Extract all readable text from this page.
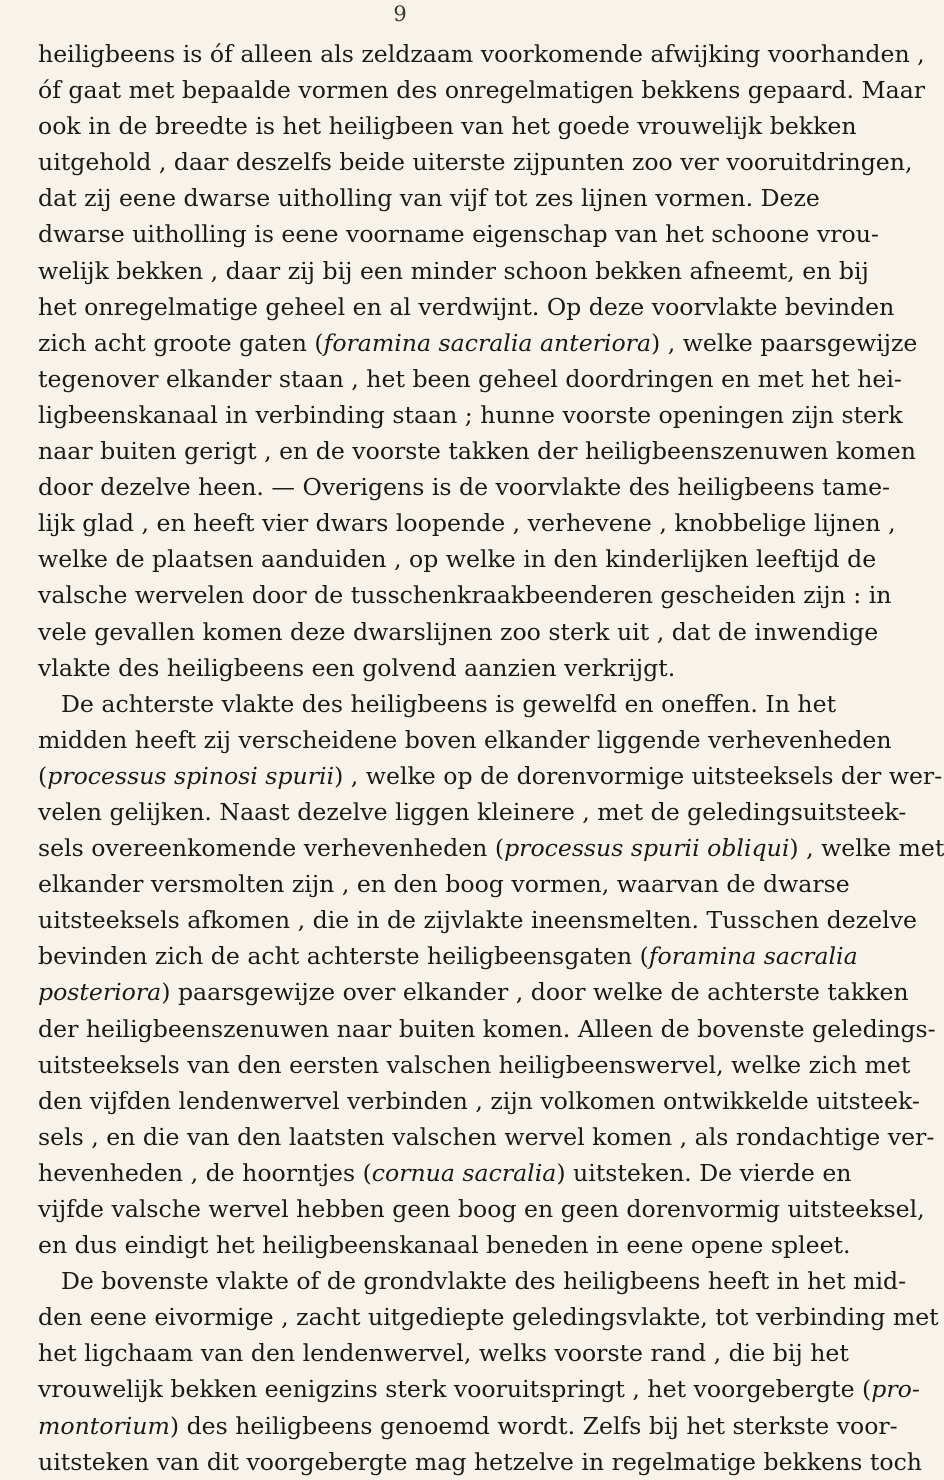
9
heiligbeens is óf alleen als zeldzaam voorkomende afwijking voorhanden ,
óf gaat met bepaalde vormen des onregelmatigen bekkens gepaard. Maar
ook in de breedte is het heiligbeen van het goede vrouwelijk bekken
uitgehold , daar deszelfs beide uiterste zijpunten zoo ver vooruitdringen,
dat zij eene dwarse uitholling van vijf tot zes lijnen vormen. Deze
dwarse uitholling is eene voorname eigenschap van het schoone vrou-
welijk bekken , daar zij bij een minder schoon bekken afneemt, en bij
het onregelmatige geheel en al verdwijnt. Op deze voorvlakte bevinden
zich acht groote gaten (foramina sacralia anteriora) , welke paarsgewijze
tegenover elkander staan , het been geheel doordringen en met het hei-
ligbeenskanaal in verbinding staan ; hunne voorste openingen zijn sterk
naar buiten gerigt , en de voorste takken der heiligbeenszenuwen komen
door dezelve heen. — Overigens is de voorvlakte des heiligbeens tame-
lijk glad , en heeft vier dwars loopende , verhevene , knobbelige lijnen ,
welke de plaatsen aanduiden , op welke in den kinderlijken leeftijd de
valsche wervelen door de tusschenkraakbeenderen gescheiden zijn : in
vele gevallen komen deze dwarslijnen zoo sterk uit , dat de inwendige
vlakte des heiligbeens een golvend aanzien verkrijgt.
De achterste vlakte des heiligbeens is gewelfd en oneffen. In het
midden heeft zij verscheidene boven elkander liggende verhevenheden
(processus spinosi spurii) , welke op de dorenvormige uitsteeksels der wer-
velen gelijken. Naast dezelve liggen kleinere , met de geledingsuitsteek-
sels overeenkomende verhevenheden (processus spurii obliqui) , welke met
elkander versmolten zijn , en den boog vormen, waarvan de dwarse
uitsteeksels afkomen , die in de zijvlakte ineensmelten. Tusschen dezelve
bevinden zich de acht achterste heiligbeensgaten (foramina sacralia
posteriora) paarsgewijze over elkander , door welke de achterste takken
der heiligbeenszenuwen naar buiten komen. Alleen de bovenste geledings-
uitsteeksels van den eersten valschen heiligbeenswervel, welke zich met
den vijfden lendenwervel verbinden , zijn volkomen ontwikkelde uitsteek-
sels , en die van den laatsten valschen wervel komen , als rondachtige ver-
hevenheden , de hoorntjes (cornua sacralia) uitsteken. De vierde en
vijfde valsche wervel hebben geen boog en geen dorenvormig uitsteeksel,
en dus eindigt het heiligbeenskanaal beneden in eene opene spleet.
De bovenste vlakte of de grondvlakte des heiligbeens heeft in het mid-
den eene eivormige , zacht uitgediepte geledingsvlakte, tot verbinding met
het ligchaam van den lendenwervel, welks voorste rand , die bij het
vrouwelijk bekken eenigzins sterk vooruitspringt , het voorgebergte (pro-
montorium) des heiligbeens genoemd wordt. Zelfs bij het sterkste voor-
uitsteken van dit voorgebergte mag hetzelve in regelmatige bekkens toch
